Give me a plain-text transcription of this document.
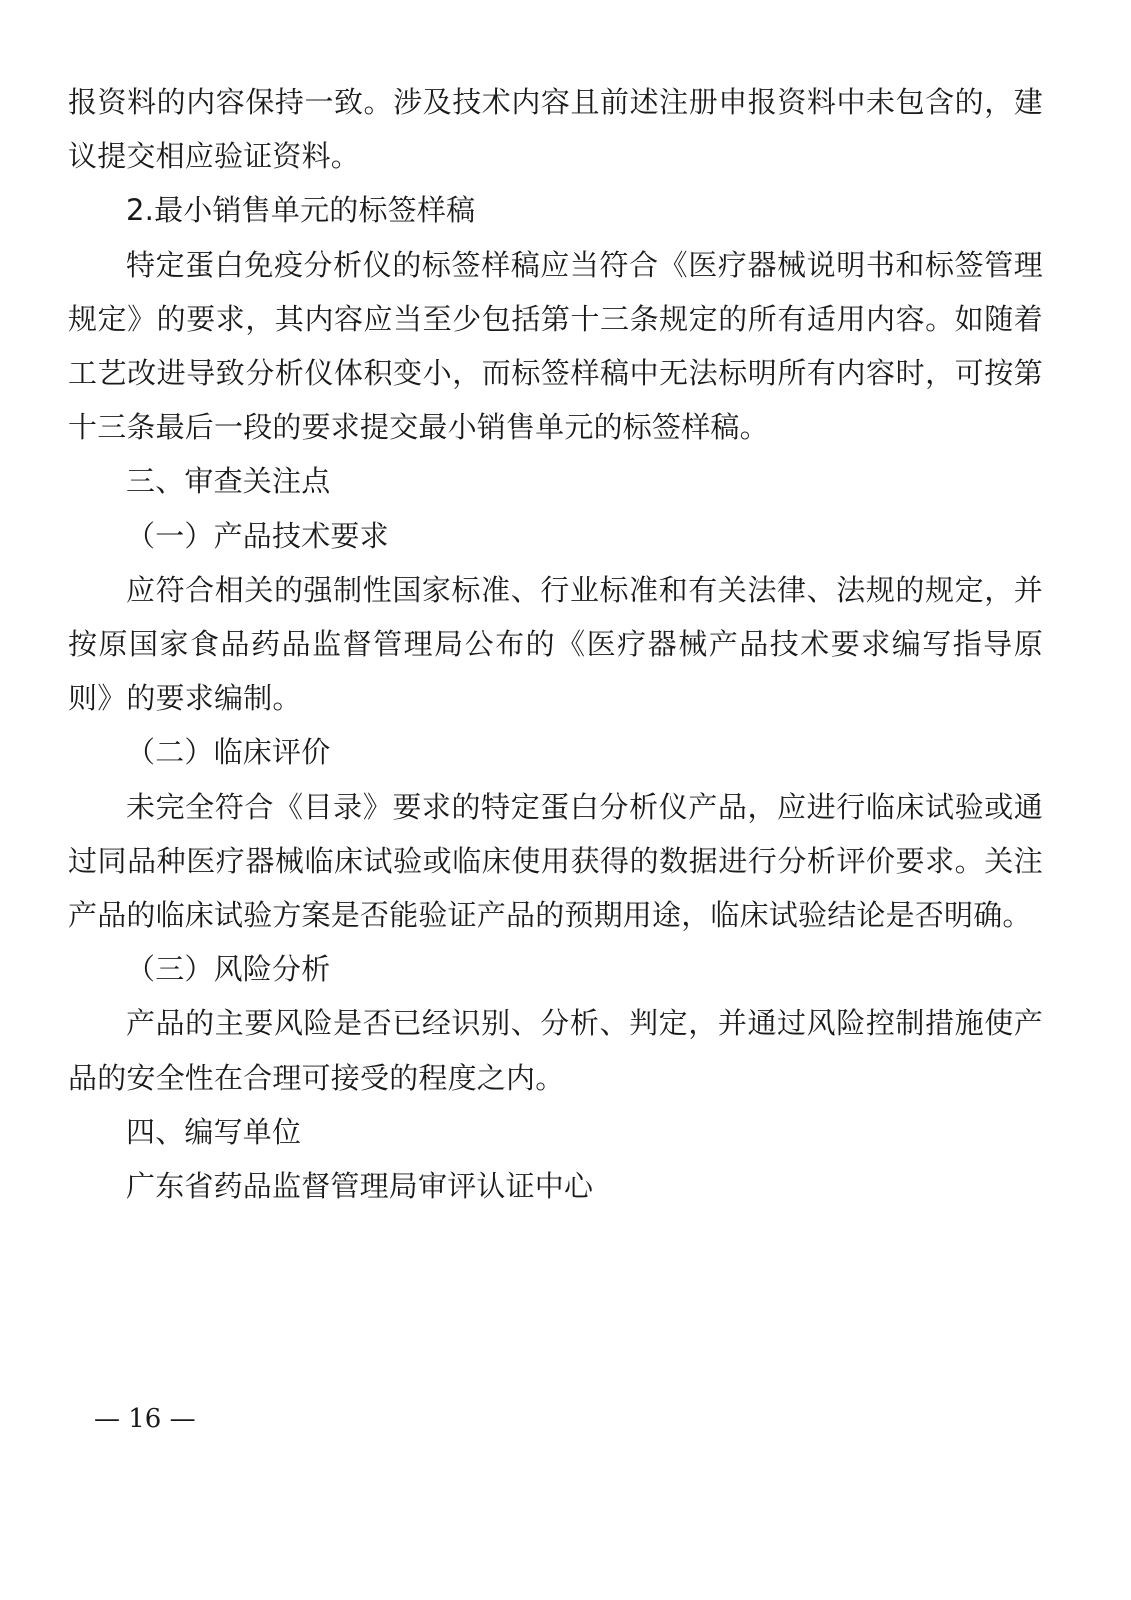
报资料的内容保持一致。涉及技术内容且前述注册申报资料中未包含的，建议提交相应验证资料。

2.最小销售单元的标签样稿

特定蛋白免疫分析仪的标签样稿应当符合《医疗器械说明书和标签管理规定》的要求，其内容应当至少包括第十三条规定的所有适用内容。如随着工艺改进导致分析仪体积变小，而标签样稿中无法标明所有内容时，可按第十三条最后一段的要求提交最小销售单元的标签样稿。

三、审查关注点

（一）产品技术要求

应符合相关的强制性国家标准、行业标准和有关法律、法规的规定，并按原国家食品药品监督管理局公布的《医疗器械产品技术要求编写指导原则》的要求编制。

（二）临床评价

未完全符合《目录》要求的特定蛋白分析仪产品，应进行临床试验或通过同品种医疗器械临床试验或临床使用获得的数据进行分析评价要求。关注产品的临床试验方案是否能验证产品的预期用途，临床试验结论是否明确。

（三）风险分析

产品的主要风险是否已经识别、分析、判定，并通过风险控制措施使产品的安全性在合理可接受的程度之内。

四、编写单位

广东省药品监督管理局审评认证中心

— 16 —
